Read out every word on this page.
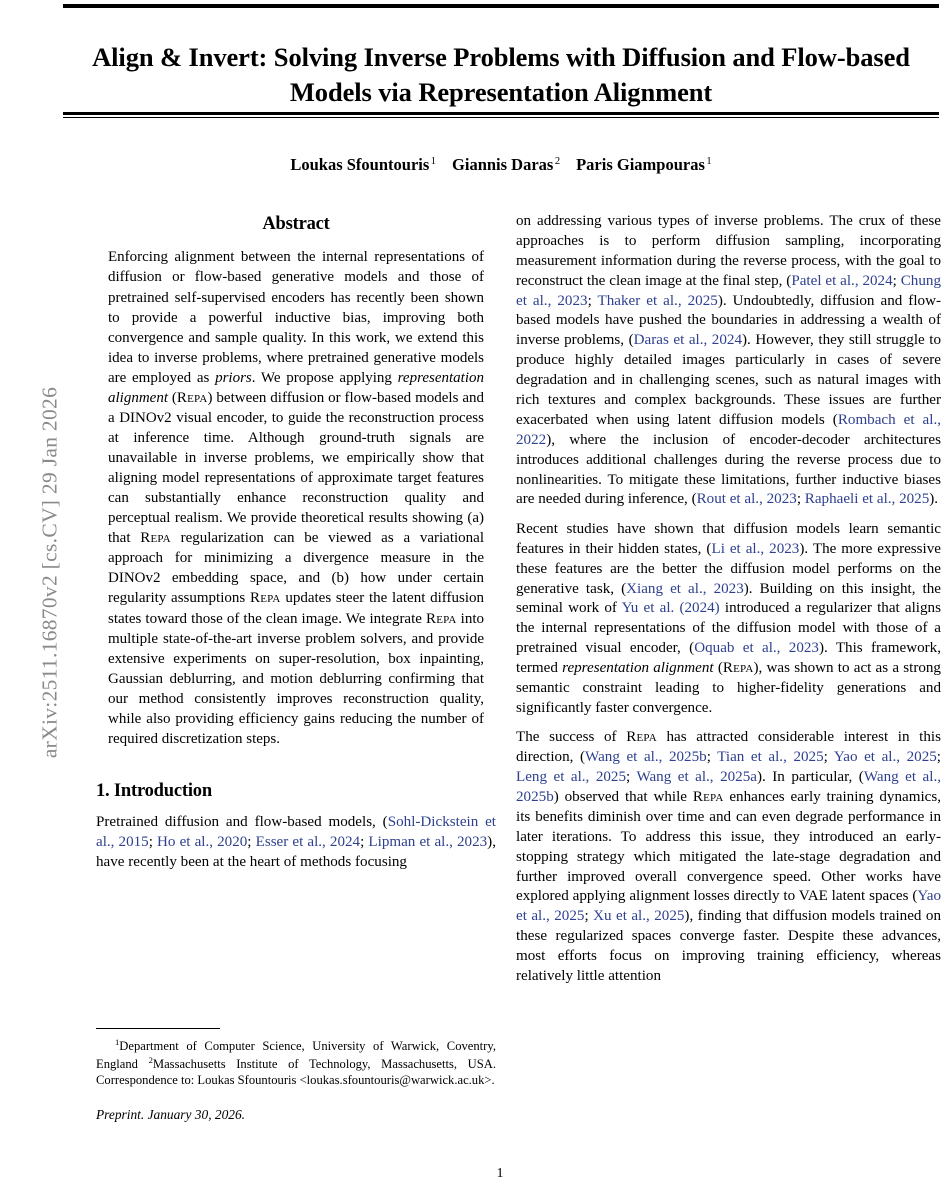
arXiv:2511.16870v2 [cs.CV] 29 Jan 2026
Align & Invert: Solving Inverse Problems with Diffusion and Flow-based Models via Representation Alignment
Loukas Sfountouris $^1$ Giannis Daras $^2$ Paris Giampouras $^1$
Abstract

Enforcing alignment between the internal representations of diffusion or flow-based generative models and those of pretrained self-supervised encoders has recently been shown to provide a powerful inductive bias, improving both convergence and sample quality. In this work, we extend this idea to inverse problems, where pretrained generative models are employed as priors. We propose applying representation alignment (Repa) between diffusion or flow-based models and a DINOv2 visual encoder, to guide the reconstruction process at inference time. Although ground-truth signals are unavailable in inverse problems, we empirically show that aligning model representations of approximate target features can substantially enhance reconstruction quality and perceptual realism. We provide theoretical results showing (a) that Repa regularization can be viewed as a variational approach for minimizing a divergence measure in the DINOv2 embedding space, and (b) how under certain regularity assumptions Repa updates steer the latent diffusion states toward those of the clean image. We integrate Repa into multiple state-of-the-art inverse problem solvers, and provide extensive experiments on super-resolution, box inpainting, Gaussian deblurring, and motion deblurring confirming that our method consistently improves reconstruction quality, while also providing efficiency gains reducing the number of required discretization steps.

1. Introduction

Pretrained diffusion and flow-based models, (Sohl-Dickstein et al., 2015; Ho et al., 2020; Esser et al., 2024; Lipman et al., 2023), have recently been at the heart of methods focusing

on addressing various types of inverse problems. The crux of these approaches is to perform diffusion sampling, incorporating measurement information during the reverse process, with the goal to reconstruct the clean image at the final step, (Patel et al., 2024; Chung et al., 2023; Thaker et al., 2025). Undoubtedly, diffusion and flow-based models have pushed the boundaries in addressing a wealth of inverse problems, (Daras et al., 2024). However, they still struggle to produce highly detailed images particularly in cases of severe degradation and in challenging scenes, such as natural images with rich textures and complex backgrounds. These issues are further exacerbated when using latent diffusion models (Rombach et al., 2022), where the inclusion of encoder-decoder architectures introduces additional challenges during the reverse process due to nonlinearities. To mitigate these limitations, further inductive biases are needed during inference, (Rout et al., 2023; Raphaeli et al., 2025).

Recent studies have shown that diffusion models learn semantic features in their hidden states, (Li et al., 2023). The more expressive these features are the better the diffusion model performs on the generative task, (Xiang et al., 2023). Building on this insight, the seminal work of Yu et al. (2024) introduced a regularizer that aligns the internal representations of the diffusion model with those of a pretrained visual encoder, (Oquab et al., 2023). This framework, termed representation alignment (Repa), was shown to act as a strong semantic constraint leading to higher-fidelity generations and significantly faster convergence.

The success of Repa has attracted considerable interest in this direction, (Wang et al., 2025b; Tian et al., 2025; Yao et al., 2025; Leng et al., 2025; Wang et al., 2025a). In particular, (Wang et al., 2025b) observed that while Repa enhances early training dynamics, its benefits diminish over time and can even degrade performance in later iterations. To address this issue, they introduced an early-stopping strategy which mitigated the late-stage degradation and further improved overall convergence speed. Other works have explored applying alignment losses directly to VAE latent spaces (Yao et al., 2025; Xu et al., 2025), finding that diffusion models trained on these regularized spaces converge faster. Despite these advances, most efforts focus on improving training efficiency, whereas relatively little attention

$^1$Department of Computer Science, University of Warwick, Coventry, England $^2$Massachusetts Institute of Technology, Massachusetts, USA. Correspondence to: Loukas Sfountouris <loukas.sfountouris@warwick.ac.uk>.

Preprint. January 30, 2026.
1
